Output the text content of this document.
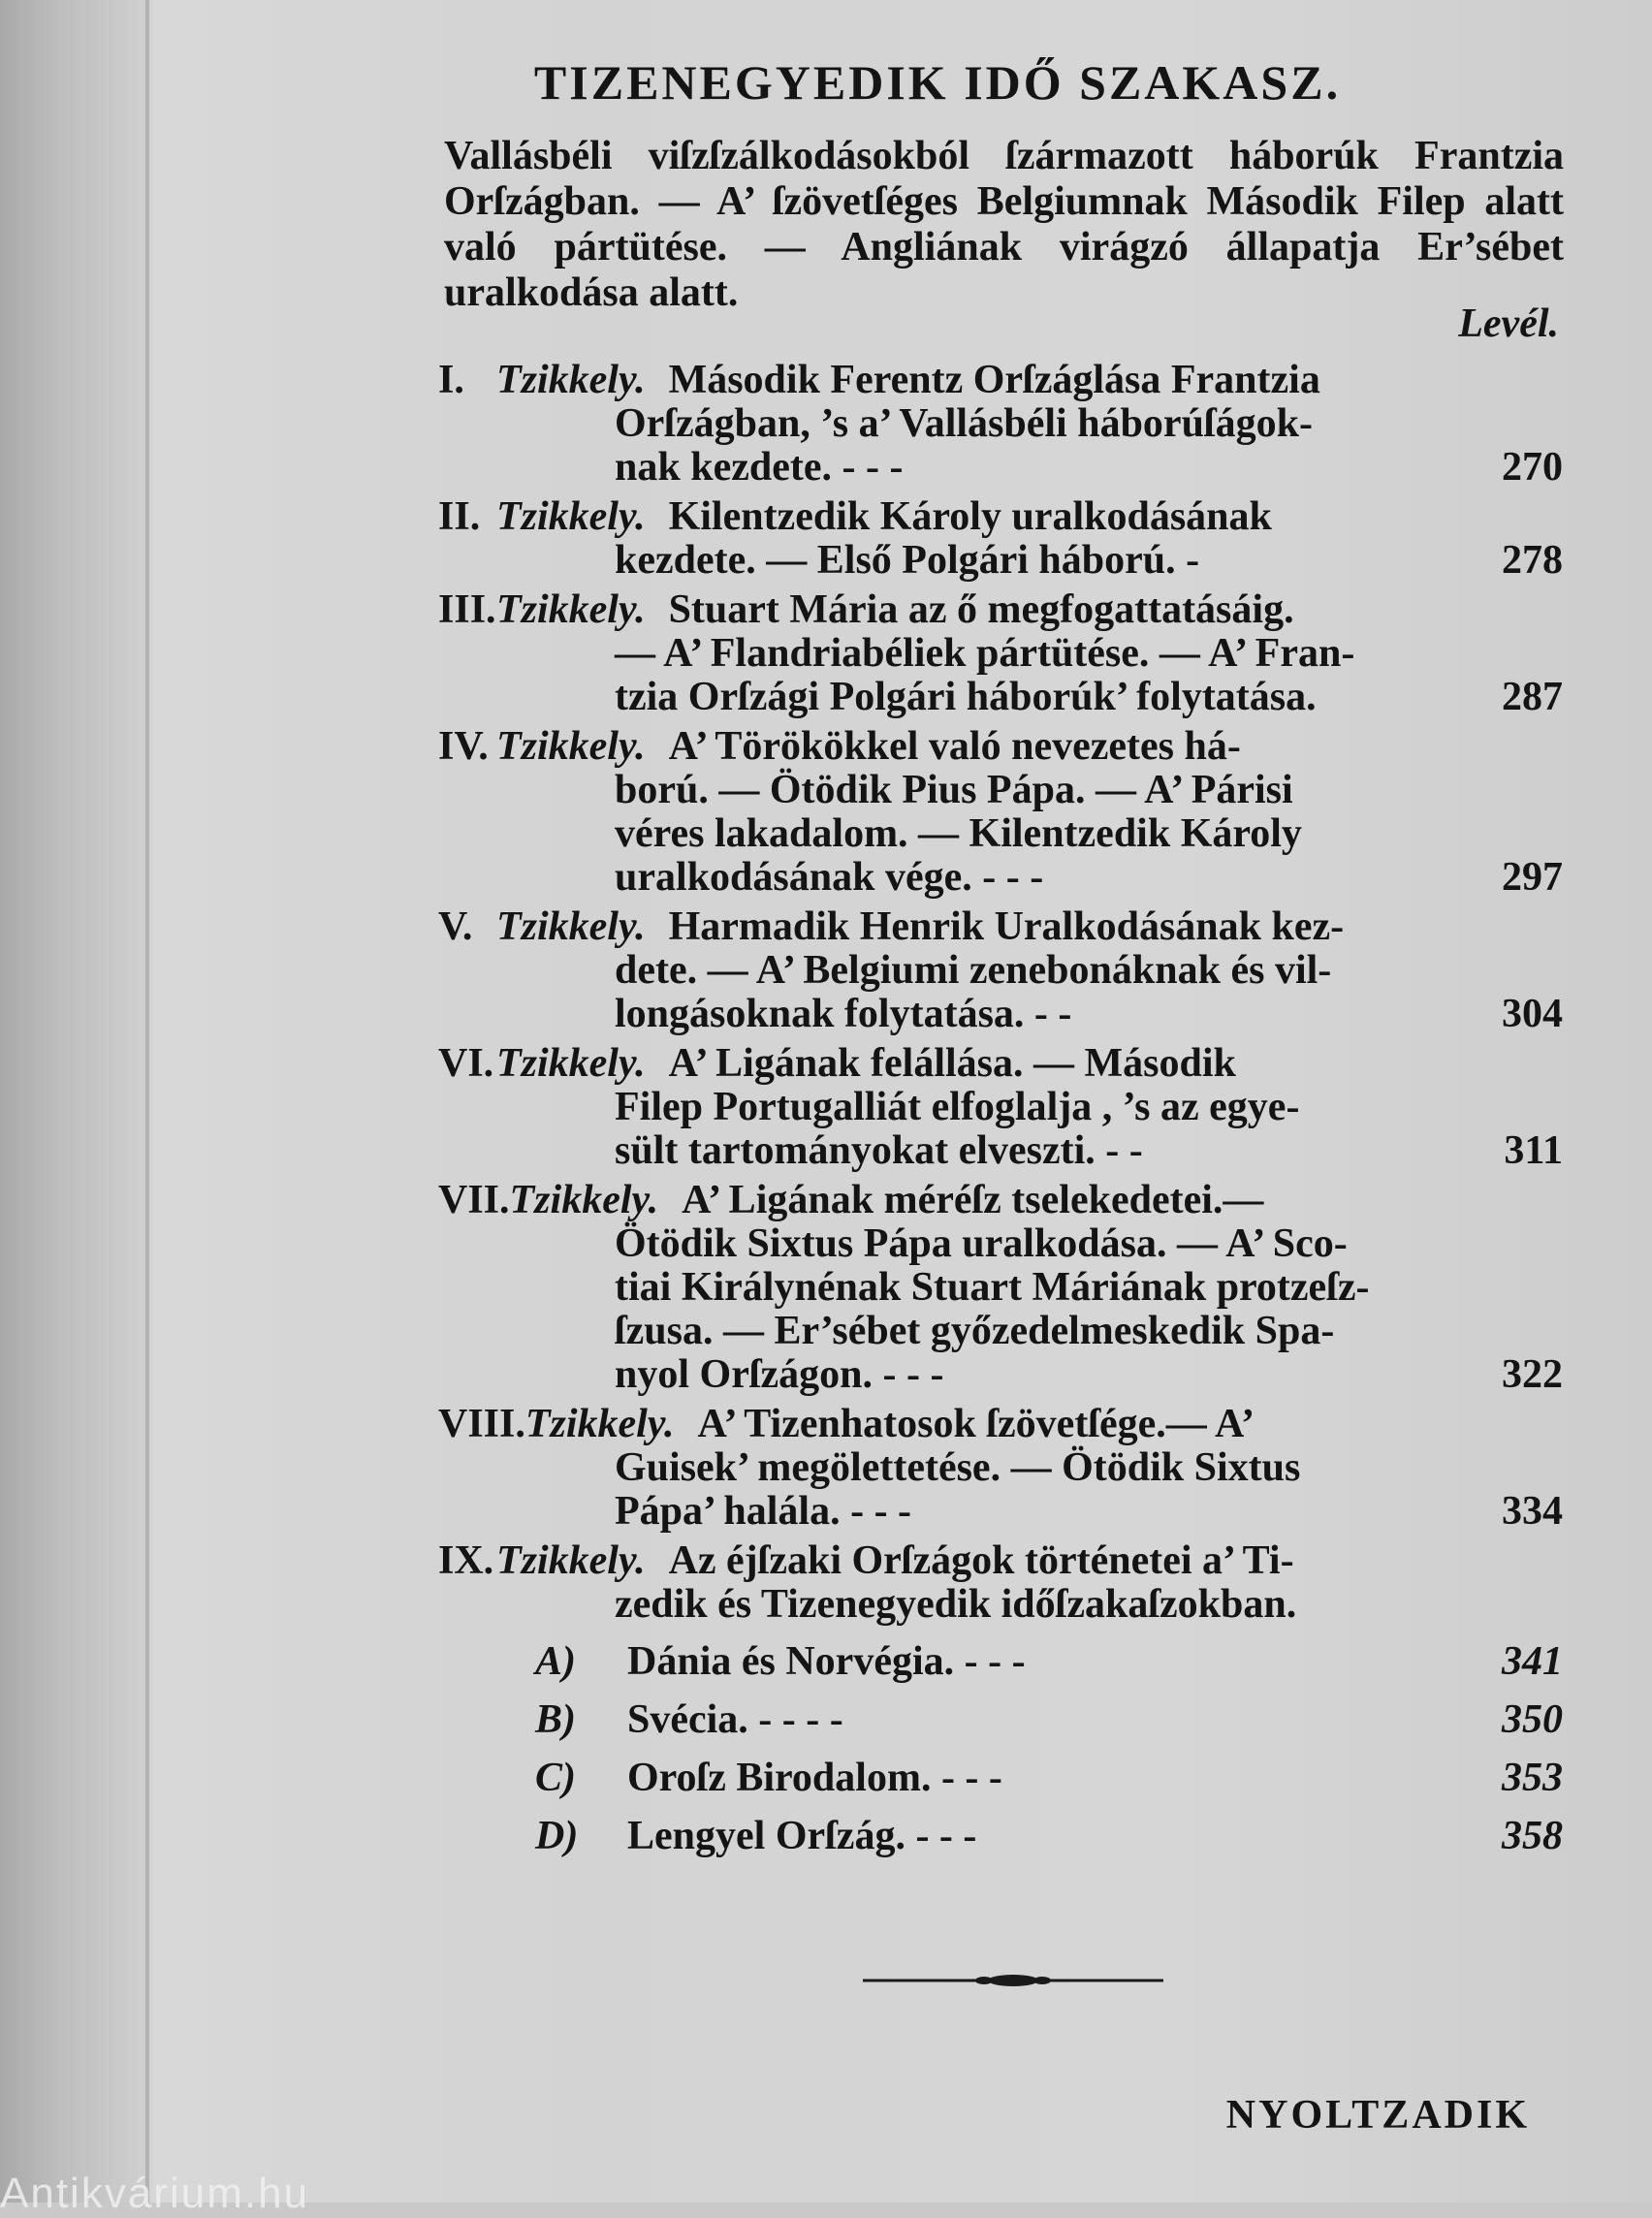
TIZENEGYEDIK IDŐ SZAKASZ.
Vallásbéli viſzſzálkodásokból ſzármazott háborúk Frantzia Orſzágban. — A’ ſzövetſéges Belgiumnak Második Filep alatt való pártütése. — Angliának virágzó állapatja Er’sébet uralkodása alatt.
Levél.
I. Tzikkely. Második Ferentz Orſzáglása Frantzia
Orſzágban, ’s a’ Vallásbéli háborúſágok-
nak kezdete. - - -	270
II. Tzikkely. Kilentzedik Károly uralkodásának
kezdete. — Első Polgári háború. -	278
III.Tzikkely. Stuart Mária az ő megfogattatásáig.
— A’ Flandriabéliek pártütése. — A’ Fran-
tzia Orſzági Polgári háborúk’ folytatása.	287
IV. Tzikkely. A’ Törökökkel való nevezetes há-
ború. — Ötödik Pius Pápa. — A’ Párisi
véres lakadalom. — Kilentzedik Károly
uralkodásának vége. - - -	297
V. Tzikkely. Harmadik Henrik Uralkodásának kez-
dete. — A’ Belgiumi zenebonáknak és vil-
longásoknak folytatása. - -	304
VI.Tzikkely. A’ Ligának felállása. — Második
Filep Portugalliát elfoglalja , ’s az egye-
sült tartományokat elveszti. - -	311
VII.Tzikkely. A’ Ligának méréſz tselekedetei.—
Ötödik Sixtus Pápa uralkodása. — A’ Sco-
tiai Királynénak Stuart Máriának protzeſz-
ſzusa. — Er’sébet győzedelmeskedik Spa-
nyol Orſzágon. - - -	322
VIII.Tzikkely. A’ Tizenhatosok ſzövetſége.— A’
Guisek’ megölettetése. — Ötödik Sixtus
Pápa’ halála. - - -	334
IX.Tzikkely. Az éjſzaki Orſzágok történetei a’ Ti-
zedik és Tizenegyedik időſzakaſzokban.
A) Dánia és Norvégia. - - -	341
B) Svécia. - - - -	350
C) Oroſz Birodalom. - - -	353
D) Lengyel Orſzág. - - -	358
NYOLTZADIK
Antikvárium.hu
